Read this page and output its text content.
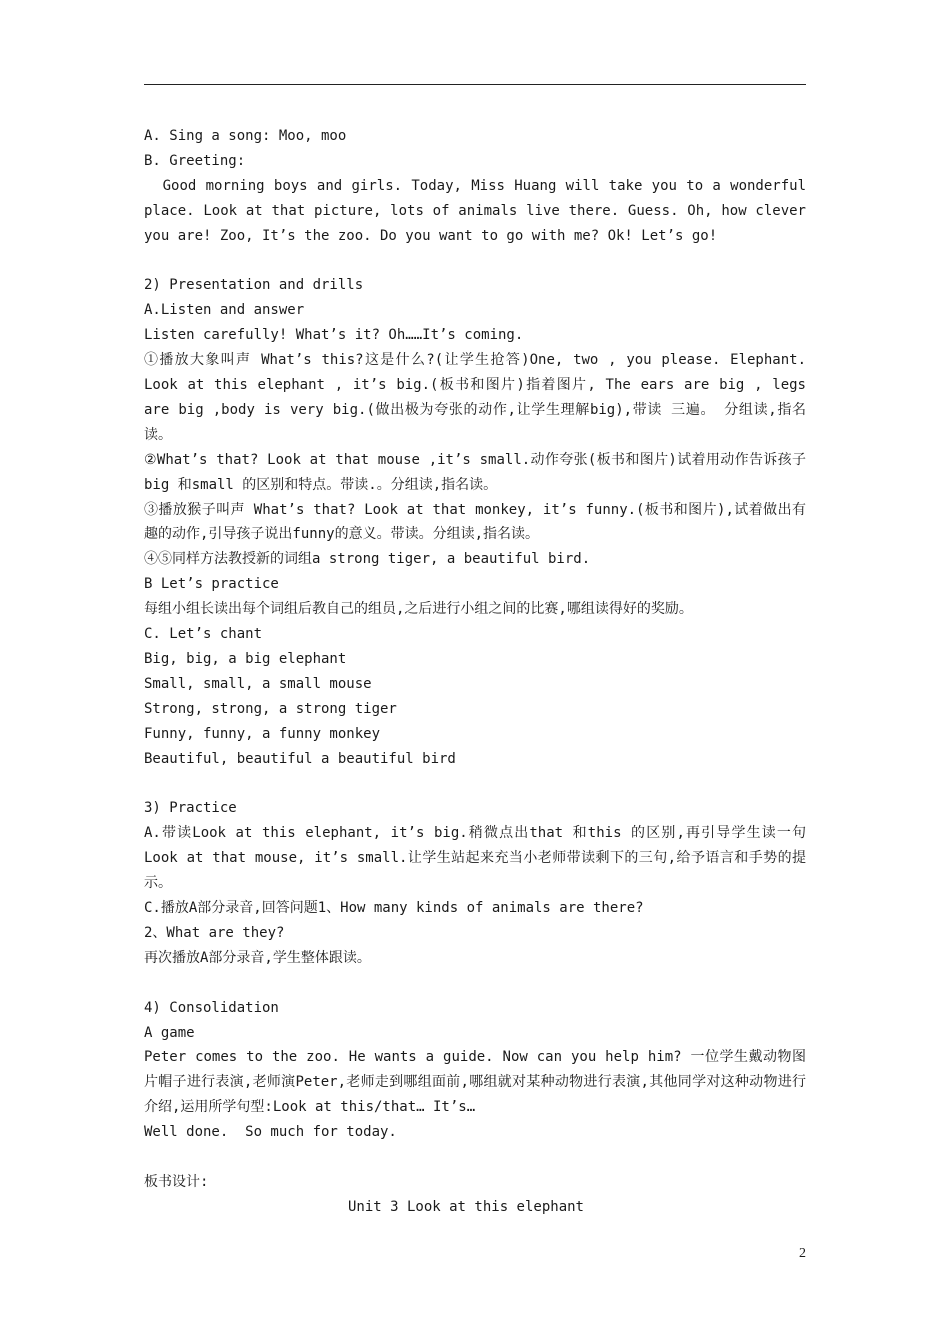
A. Sing a song: Moo, moo
B. Greeting:
Good morning boys and girls. Today, Miss Huang will take you to a wonderful place. Look at that picture, lots of animals live there. Guess. Oh, how clever you are! Zoo, It’s the zoo. Do you want to go with me? Ok! Let’s go!
2) Presentation and drills
A.Listen and answer
Listen carefully! What’s it? Oh……It’s coming.
①播放大象叫声 What’s this?这是什么?(让学生抢答)One, two , you please. Elephant. Look at this elephant , it’s big.(板书和图片)指着图片, The ears are big , legs are big ,body is very big.(做出极为夸张的动作,让学生理解big),带读 三遍。 分组读,指名读。
②What’s that? Look at that mouse ,it’s small.动作夸张(板书和图片)试着用动作告诉孩子big 和small 的区别和特点。带读.。分组读,指名读。
③播放猴子叫声 What’s that? Look at that monkey, it’s funny.(板书和图片),试着做出有趣的动作,引导孩子说出funny的意义。带读。分组读,指名读。
④⑤同样方法教授新的词组a strong tiger, a beautiful bird.
B Let’s practice
每组小组长读出每个词组后教自己的组员,之后进行小组之间的比赛,哪组读得好的奖励。
C. Let’s chant
Big, big, a big elephant
Small, small, a small mouse
Strong, strong, a strong tiger
Funny, funny, a funny monkey
Beautiful, beautiful a beautiful bird
3) Practice
A.带读Look at this elephant, it’s big.稍微点出that 和this 的区别,再引导学生读一句Look at that mouse, it’s small.让学生站起来充当小老师带读剩下的三句,给予语言和手势的提示。
C.播放A部分录音,回答问题1、How many kinds of animals are there?
2、What are they?
再次播放A部分录音,学生整体跟读。
4) Consolidation
A game
Peter comes to the zoo. He wants a guide. Now can you help him? 一位学生戴动物图片帽子进行表演,老师演Peter,老师走到哪组面前,哪组就对某种动物进行表演,其他同学对这种动物进行介绍,运用所学句型:Look at this/that… It’s…
Well done.  So much for today.
板书设计:
Unit 3 Look at this elephant
2
